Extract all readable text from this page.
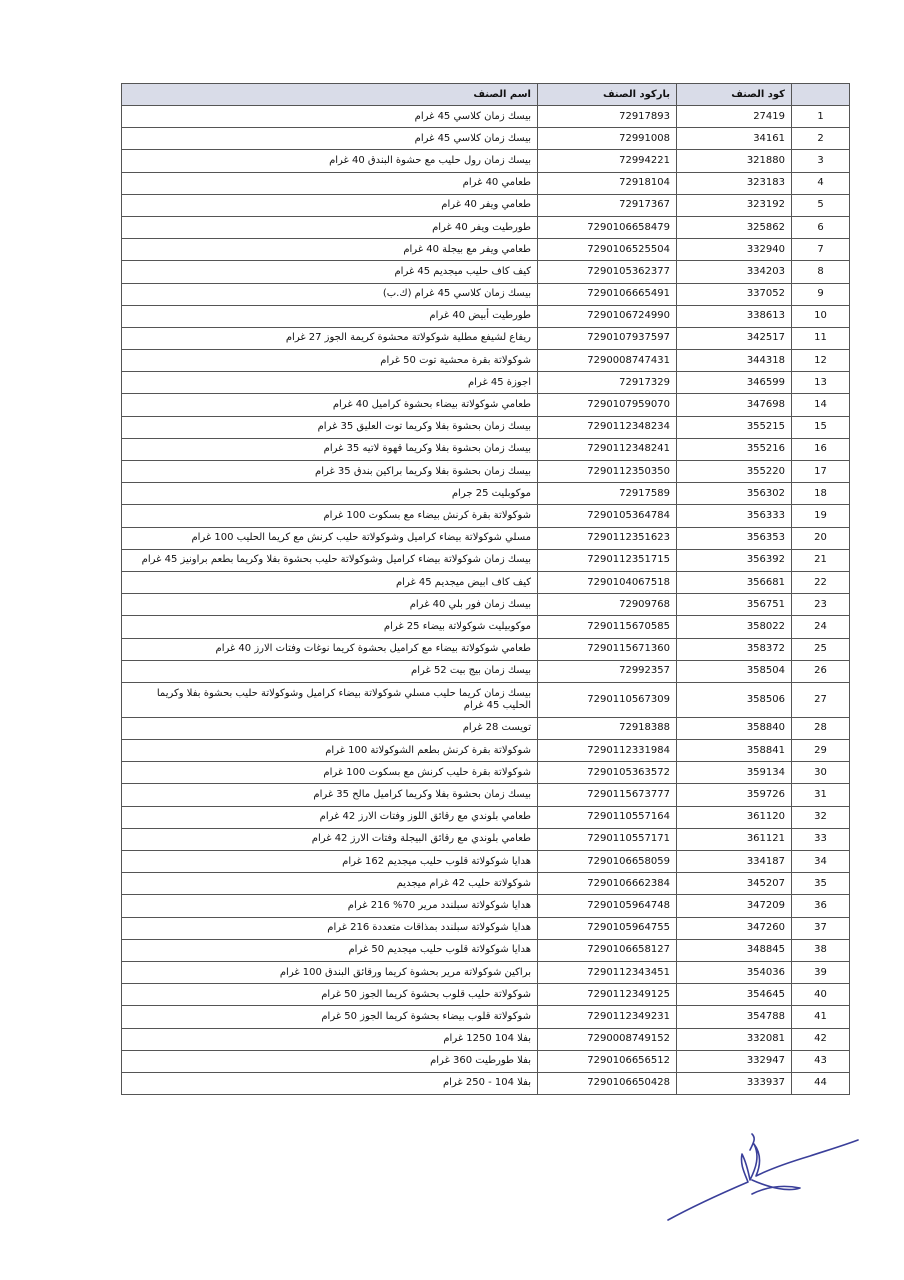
	كود الصنف	باركود الصنف	اسم الصنف
1	27419	72917893	بيسك زمان كلاسي 45 غرام
2	34161	72991008	بيسك زمان كلاسي 45 غرام
3	321880	72994221	بيسك زمان رول حليب مع حشوة البندق 40 غرام
4	323183	72918104	طعامي 40 غرام
5	323192	72917367	طعامي ويفر 40 غرام
6	325862	7290106658479	طورطيت ويفر 40 غرام
7	332940	7290106525504	طعامي ويفر مع بيجلة 40 غرام
8	334203	7290105362377	كيف كاف حليب ميجديم 45 غرام
9	337052	7290106665491	بيسك زمان كلاسي 45 غرام (ك.ب)
10	338613	7290106724990	طورطيت أبيض 40 غرام
11	342517	7290107937597	ريفاع لشيفع مطلية شوكولاتة محشوة كريمة الجوز 27 غرام
12	344318	7290008747431	شوكولاتة بقرة محشية توت 50 غرام
13	346599	72917329	اجوزة 45 غرام
14	347698	7290107959070	طعامي شوكولاتة بيضاء بحشوة كراميل 40 غرام
15	355215	7290112348234	بيسك زمان بحشوة بفلا وكريما توت العليق 35 غرام
16	355216	7290112348241	بيسك زمان بحشوة بفلا وكريما قهوة لاتيه 35 غرام
17	355220	7290112350350	بيسك زمان بحشوة بفلا وكريما براكين بندق 35 غرام
18	356302	72917589	موكوبليت 25 جرام
19	356333	7290105364784	شوكولاتة بقرة كرنش بيضاء مع بسكوت 100 غرام
20	356353	7290112351623	مسلي شوكولاتة بيضاء كراميل وشوكولاتة حليب كرنش مع كريما الحليب 100 غرام
21	356392	7290112351715	بيسك زمان شوكولاتة بيضاء كراميل وشوكولاتة حليب بحشوة بفلا وكريما بطعم براونيز 45 غرام
22	356681	7290104067518	كيف كاف ابيض ميجديم 45 غرام
23	356751	72909768	بيسك زمان فور بلي 40 غرام
24	358022	7290115670585	موكوبيليت شوكولاتة بيضاء 25 غرام
25	358372	7290115671360	طعامي شوكولاتة بيضاء مع كراميل بحشوة كريما نوغات وفتات الارز 40 غرام
26	358504	72992357	بيسك زمان بيج بيت 52 غرام
27	358506	7290110567309	بيسك زمان كريما حليب مسلي شوكولاتة بيضاء كراميل وشوكولاتة حليب بحشوة بفلا وكريما الحليب 45 غرام
28	358840	72918388	تويست 28 غرام
29	358841	7290112331984	شوكولاتة بقرة كرنش بطعم الشوكولاتة 100 غرام
30	359134	7290105363572	شوكولاتة بقرة حليب كرنش مع بسكوت 100 غرام
31	359726	7290115673777	بيسك زمان بحشوة بفلا وكريما كراميل مالح 35 غرام
32	361120	7290110557164	طعامي بلوندي مع رقائق اللوز وفتات الارز 42 غرام
33	361121	7290110557171	طعامي بلوندي مع رقائق البيجلة وفتات الارز 42 غرام
34	334187	7290106658059	هدايا شوكولاتة قلوب حليب ميجديم 162 غرام
35	345207	7290106662384	شوكولاتة حليب 42 غرام ميجديم
36	347209	7290105964748	هدايا شوكولاتة سبلندد مرير 70% 216 غرام
37	347260	7290105964755	هدايا شوكولاتة سبلندد بمذاقات متعددة 216 غرام
38	348845	7290106658127	هدايا شوكولاتة قلوب حليب ميجديم 50 غرام
39	354036	7290112343451	براكين شوكولاتة مرير بحشوة كريما ورقائق البندق 100 غرام
40	354645	7290112349125	شوكولاتة حليب قلوب بحشوة كريما الجوز 50 غرام
41	354788	7290112349231	شوكولاتة قلوب بيضاء بحشوة كريما الجوز 50 غرام
42	332081	7290008749152	بفلا 104 1250 غرام
43	332947	7290106656512	بفلا طورطيت 360 غرام
44	333937	7290106650428	بفلا 104 - 250 غرام
